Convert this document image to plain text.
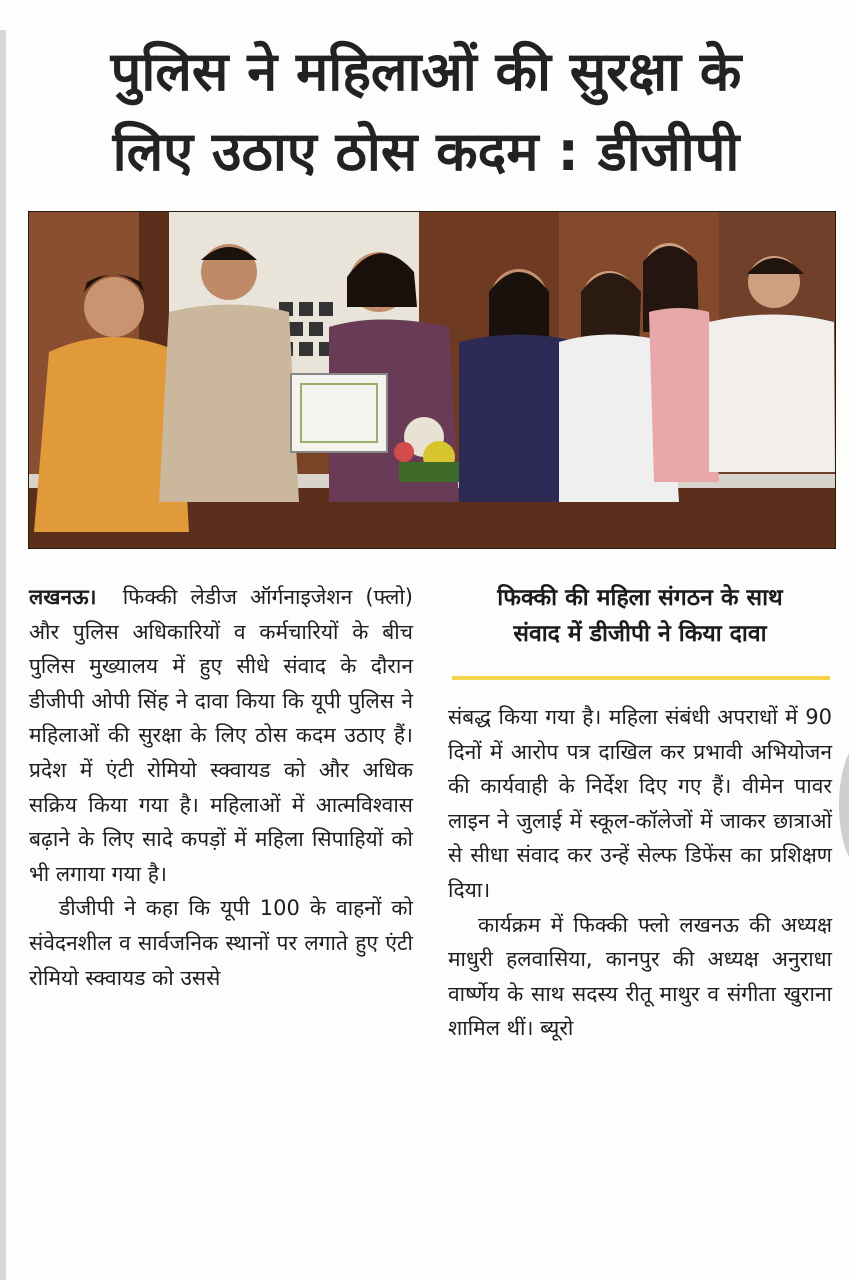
पुलिस ने महिलाओं की सुरक्षा के
लिए उठाए ठोस कदम : डीजीपी

लखनऊ। फिक्की लेडीज ऑर्गनाइजेशन (फ्लो) और पुलिस अधिकारियों व कर्मचारियों के बीच पुलिस मुख्यालय में हुए सीधे संवाद के दौरान डीजीपी ओपी सिंह ने दावा किया कि यूपी पुलिस ने महिलाओं की सुरक्षा के लिए ठोस कदम उठाए हैं। प्रदेश में एंटी रोमियो स्क्वायड को और अधिक सक्रिय किया गया है। महिलाओं में आत्मविश्वास बढ़ाने के लिए सादे कपड़ों में महिला सिपाहियों को भी लगाया गया है।

डीजीपी ने कहा कि यूपी 100 के वाहनों को संवेदनशील व सार्वजनिक स्थानों पर लगाते हुए एंटी रोमियो स्क्वायड को उससे

फिक्की की महिला संगठन के साथ
संवाद में डीजीपी ने किया दावा

संबद्ध किया गया है। महिला संबंधी अपराधों में 90 दिनों में आरोप पत्र दाखिल कर प्रभावी अभियोजन की कार्यवाही के निर्देश दिए गए हैं। वीमेन पावर लाइन ने जुलाई में स्कूल-कॉलेजों में जाकर छात्राओं से सीधा संवाद कर उन्हें सेल्फ डिफेंस का प्रशिक्षण दिया।

कार्यक्रम में फिक्की फ्लो लखनऊ की अध्यक्ष माधुरी हलवासिया, कानपुर की अध्यक्ष अनुराधा वार्ष्णेय के साथ सदस्य रीतू माथुर व संगीता खुराना शामिल थीं। ब्यूरो
